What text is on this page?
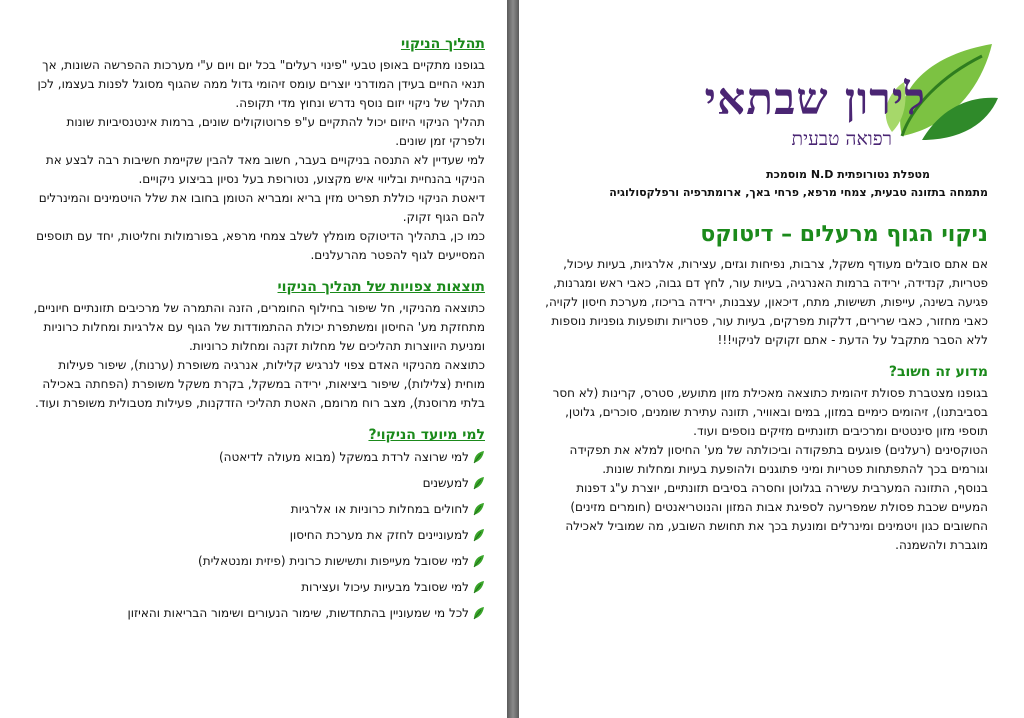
תהליך הניקוי

בגופנו מתקיים באופן טבעי "פינוי רעלים" בכל יום ויום ע"י מערכות ההפרשה השונות, אך תנאי החיים בעידן המודרני יוצרים עומס זיהומי גדול ממה שהגוף מסוגל לפנות בעצמו, לכן תהליך של ניקוי יזום נוסף נדרש ונחוץ מדי תקופה.

תהליך הניקוי היזום יכול להתקיים ע"פ פרוטוקולים שונים, ברמות אינטנסיביות שונות ולפרקי זמן שונים.

למי שעדיין לא התנסה בניקויים בעבר, חשוב מאד להבין שקיימת חשיבות רבה לבצע את הניקוי בהנחיית ובליווי איש מקצוע, נטורופת בעל נסיון בביצוע ניקויים.

דיאטת הניקוי כוללת תפריט מזין בריא ומבריא הטומן בחובו את שלל הויטמינים והמינרלים להם הגוף זקוק.

כמו כן, בתהליך הדיטוקס מומלץ לשלב צמחי מרפא, בפורמולות וחליטות, יחד עם תוספים המסייעים לגוף להפטר מהרעלנים.

תוצאות צפויות של תהליך הניקוי

כתוצאה מהניקוי, חל שיפור בחילוף החומרים, הזנה והתמרה של מרכיבים תזונתיים חיוניים, מתחזקת מע' החיסון ומשתפרת יכולת ההתמודדות של הגוף עם אלרגיות ומחלות כרוניות ומניעת היווצרות תהליכים של מחלות זקנה ומחלות כרוניות.

כתוצאה מהניקוי האדם צפוי לנרגיש קלילות, אנרגיה משופרת (ערנות), שיפור פעילות מוחית (צלילות), שיפור ביציאות, ירידה במשקל, בקרת משקל משופרת (הפחתה באכילה בלתי מרוסנת), מצב רוח מרומם, האטת תהליכי הזדקנות, פעילות מטבולית משופרת ועוד.

למי מיועד הניקוי?
למי שרוצה לרדת במשקל (מבוא מעולה לדיאטה)
למעשנים
לחולים במחלות כרוניות או אלרגיות
למעוניינים לחזק את מערכת החיסון
למי שסובל מעייפות ותשישות כרונית (פיזית ומנטאלית)
למי שסובל מבעיות עיכול ועצירות
לכל מי שמעוניין בהתחדשות, שימור הנעורים ושימור הבריאות והאיזון
לירון שבתאי
רפואה טבעית
מטפלת נטורופתית N.D מוסמכת
מתמחה בתזונה טבעית, צמחי מרפא, פרחי באך, ארומתרפיה ורפלקסולוגיה
ניקוי הגוף מרעלים – דיטוקס

אם אתם סובלים מעודף משקל, צרבות, נפיחות וגזים, עצירות, אלרגיות, בעיות עיכול, פטריות, קנדידה, ירידה ברמות האנרגיה, בעיות עור, לחץ דם גבוה, כאבי ראש ומגרנות, פגיעה בשינה, עייפות, תשישות, מתח, דיכאון, עצבנות, ירידה בריכוז, מערכת חיסון לקויה, כאבי מחזור, כאבי שרירים, דלקות מפרקים, בעיות עור, פטריות ותופעות גופניות נוספות ללא הסבר מתקבל על הדעת - אתם זקוקים לניקוי!!!

מדוע זה חשוב?

בגופנו מצטברת פסולת זיהומית כתוצאה מאכילת מזון מתועש, סטרס, קרינות (לא חסר בסביבתנו), זיהומים כימיים במזון, במים ובאוויר, תזונה עתירת שומנים, סוכרים, גלוטן, תוספי מזון סינטטים ומרכיבים תזונתיים מזיקים נוספים ועוד.

הטוקסינים (רעלנים) פוגעים בתפקודה וביכולתה של מע' החיסון למלא את תפקידה וגורמים בכך להתפתחות פטריות ומיני פתוגנים ולהופעת בעיות ומחלות שונות.

בנוסף, התזונה המערבית עשירה בגלוטן וחסרה בסיבים תזונתיים, יוצרת ע"ג דפנות המעיים שכבת פסולת שמפריעה לספיגת אבות המזון והנוטריאנטים (חומרים מזינים) החשובים כגון ויטמינים ומינרלים ומונעת בכך את תחושת השובע, מה שמוביל לאכילה מוגברת ולהשמנה.
